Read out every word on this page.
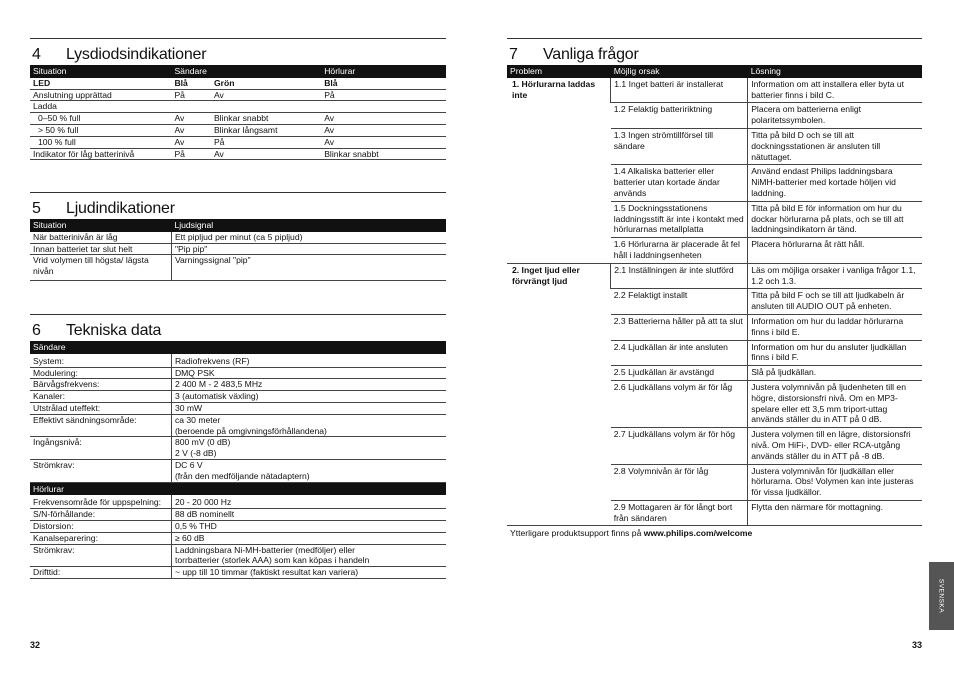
4	Lysdiodsindikationer
Situation	Sändare		Hörlurar
LED	Blå	Grön	Blå
Anslutning upprättad	På	Av	På
Ladda			
0–50 % full	Av	Blinkar snabbt	Av
> 50 % full	Av	Blinkar långsamt	Av
100 % full	Av	På	Av
Indikator för låg batterinivå	På	Av	Blinkar snabbt
5	Ljudindikationer
Situation	Ljudsignal
När batterinivån är låg	Ett pipljud per minut (ca 5 pipljud)
Innan batteriet tar slut helt	"Pip pip"
Vrid volymen till högsta/ lägsta nivån	Varningssignal "pip"
6	Tekniska data
Sändare	
System:	Radiofrekvens (RF)
Modulering:	DMQ PSK
Bärvågsfrekvens:	2 400 M - 2 483,5 MHz
Kanaler:	3 (automatisk växling)
Utstrålad uteffekt:	30 mW
Effektivt sändningsområde:	ca 30 meter
(beroende på omgivningsförhållandena)

Ingångsnivå:	800 mV (0 dB)
2 V (-8 dB)

Strömkrav:	DC 6 V
(från den medföljande nätadaptern)

Hörlurar	
Frekvensområde för uppspelning:	20 - 20 000 Hz
S/N-förhållande:	88 dB nominellt
Distorsion:	0,5 % THD
Kanalseparering:	≥ 60 dB
Strömkrav:	Laddningsbara Ni-MH-batterier (medföljer) eller
torrbatterier (storlek AAA) som kan köpas i handeln

Drifttid:	~ upp till 10 timmar (faktiskt resultat kan variera)
7	Vanliga frågor
Problem	Möjlig orsak	Lösning
1. Hörlurarna laddas inte	1.1 Inget batteri är installerat	Information om att installera eller byta ut batterier finns i bild C.
	1.2 Felaktig batteririktning	Placera om batterierna enligt polaritetssymbolen.
	1.3 Ingen strömtillförsel till sändare	Titta på bild D och se till att dockningsstationen är ansluten till nätuttaget.
	1.4 Alkaliska batterier eller batterier utan kortade ändar används	Använd endast Philips laddningsbara NiMH-batterier med kortade höljen vid laddning.
	1.5 Dockningsstationens laddningsstift är inte i kontakt med hörlurarnas metallplatta	Titta på bild E för information om hur du dockar hörlurarna på plats, och se till att laddningsindikatorn är tänd.
	1.6 Hörlurarna är placerade åt fel håll i laddningsenheten	Placera hörlurarna åt rätt håll.
2. Inget ljud eller förvrängt ljud	2.1 Inställningen är inte slutförd	Läs om möjliga orsaker i vanliga frågor 1.1, 1.2 och 1.3.
	2.2 Felaktigt installt	Titta på bild F och se till att ljudkabeln är ansluten till AUDIO OUT på enheten.
	2.3 Batterierna håller på att ta slut	Information om hur du laddar hörlurarna finns i bild E.
	2.4 Ljudkällan är inte ansluten	Information om hur du ansluter ljudkällan finns i bild F.
	2.5 Ljudkällan är avstängd	Slå på ljudkällan.
	2.6 Ljudkällans volym är för låg	Justera volymnivån på ljudenheten till en högre, distorsionsfri nivå. Om en MP3-spelare eller ett 3,5 mm triport-uttag används ställer du in ATT på 0 dB.
	2.7 Ljudkällans volym är för hög	Justera volymen till en lägre, distorsionsfri nivå. Om HiFi-, DVD- eller RCA-utgång används ställer du in ATT på -8 dB.
	2.8 Volymnivån är för låg	Justera volymnivån för ljudkällan eller hörlurarna. Obs! Volymen kan inte justeras för vissa ljudkällor.
	2.9 Mottagaren är för långt bort från sändaren	Flytta den närmare för mottagning.
Ytterligare produktsupport finns på www.philips.com/welcome
32	33
SVENSKA
